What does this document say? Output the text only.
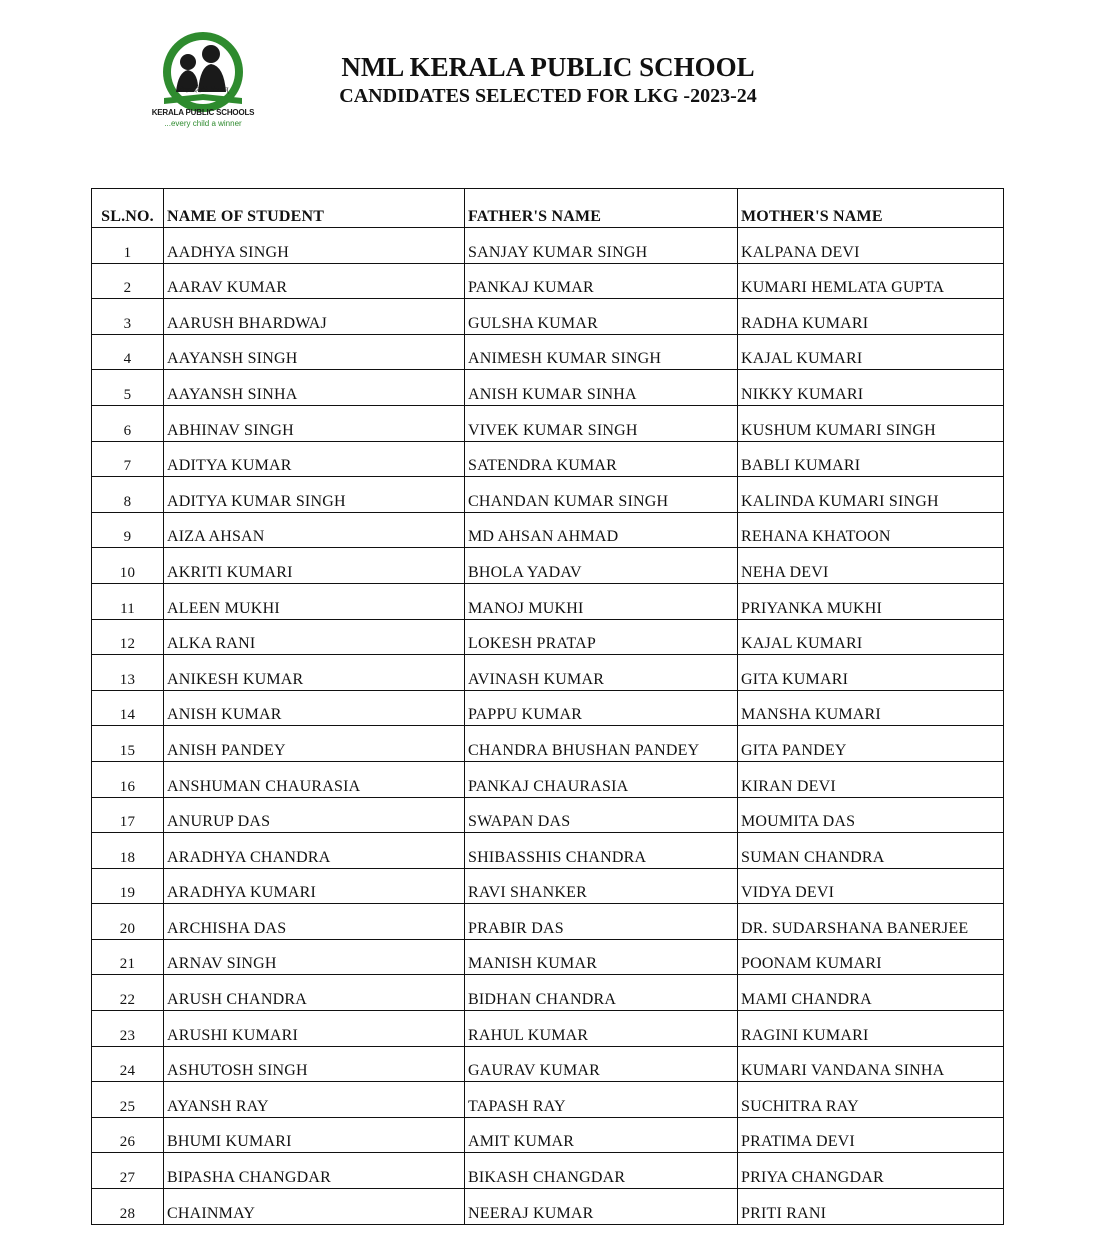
शिक्षा ददाति विनयम्
KERALA PUBLIC SCHOOLS
...every child a winner
NML KERALA PUBLIC SCHOOL
CANDIDATES SELECTED FOR LKG -2023-24
SL.NO.	NAME OF STUDENT	FATHER'S NAME	MOTHER'S NAME
1	AADHYA SINGH	SANJAY KUMAR SINGH	KALPANA DEVI
2	AARAV KUMAR	PANKAJ KUMAR	KUMARI HEMLATA GUPTA
3	AARUSH BHARDWAJ	GULSHA KUMAR	RADHA KUMARI
4	AAYANSH SINGH	ANIMESH KUMAR SINGH	KAJAL KUMARI
5	AAYANSH SINHA	ANISH KUMAR SINHA	NIKKY KUMARI
6	ABHINAV SINGH	VIVEK KUMAR SINGH	KUSHUM KUMARI SINGH
7	ADITYA KUMAR	SATENDRA KUMAR	BABLI KUMARI
8	ADITYA KUMAR SINGH	CHANDAN KUMAR SINGH	KALINDA KUMARI SINGH
9	AIZA AHSAN	MD AHSAN AHMAD	REHANA KHATOON
10	AKRITI KUMARI	BHOLA YADAV	NEHA DEVI
11	ALEEN MUKHI	MANOJ MUKHI	PRIYANKA MUKHI
12	ALKA RANI	LOKESH PRATAP	KAJAL KUMARI
13	ANIKESH KUMAR	AVINASH KUMAR	GITA KUMARI
14	ANISH KUMAR	PAPPU KUMAR	MANSHA KUMARI
15	ANISH PANDEY	CHANDRA BHUSHAN PANDEY	GITA PANDEY
16	ANSHUMAN CHAURASIA	PANKAJ CHAURASIA	KIRAN DEVI
17	ANURUP DAS	SWAPAN DAS	MOUMITA DAS
18	ARADHYA CHANDRA	SHIBASSHIS CHANDRA	SUMAN CHANDRA
19	ARADHYA KUMARI	RAVI SHANKER	VIDYA DEVI
20	ARCHISHA DAS	PRABIR DAS	DR. SUDARSHANA BANERJEE
21	ARNAV SINGH	MANISH KUMAR	POONAM KUMARI
22	ARUSH CHANDRA	BIDHAN CHANDRA	MAMI CHANDRA
23	ARUSHI KUMARI	RAHUL KUMAR	RAGINI KUMARI
24	ASHUTOSH SINGH	GAURAV KUMAR	KUMARI VANDANA SINHA
25	AYANSH RAY	TAPASH RAY	SUCHITRA RAY
26	BHUMI KUMARI	AMIT KUMAR	PRATIMA DEVI
27	BIPASHA CHANGDAR	BIKASH CHANGDAR	PRIYA CHANGDAR
28	CHAINMAY	NEERAJ KUMAR	PRITI RANI
